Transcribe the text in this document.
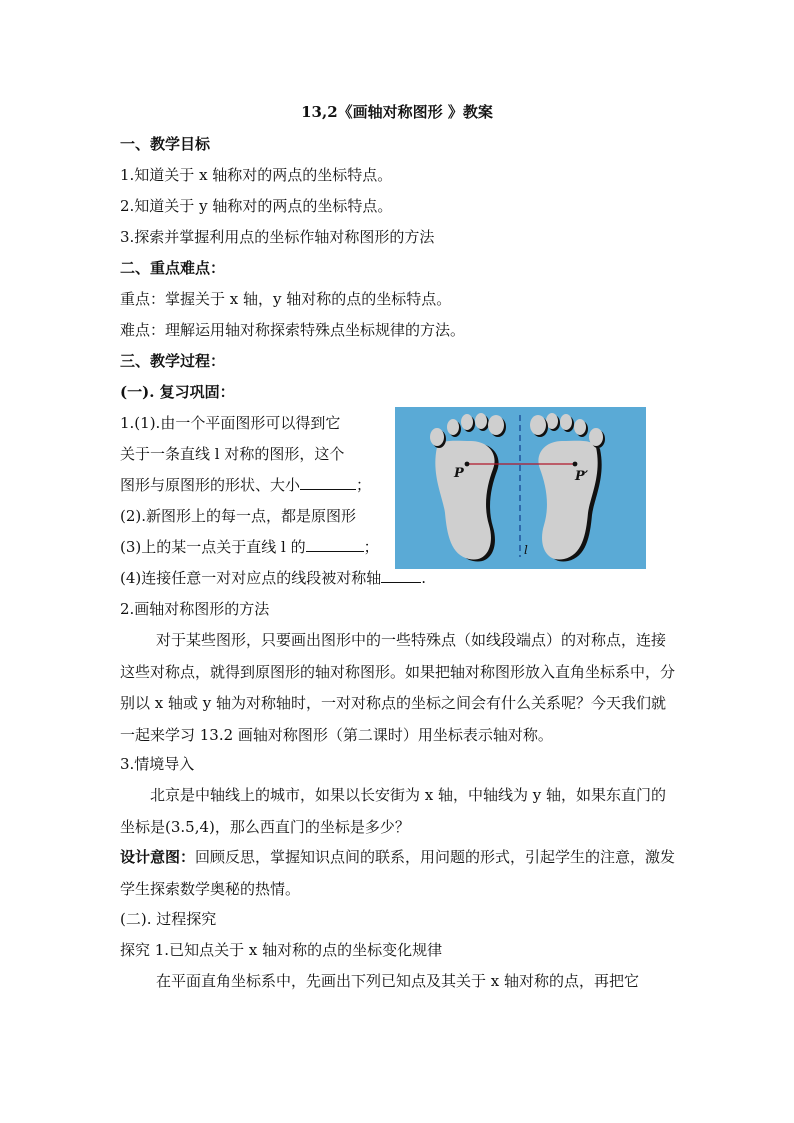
13,2《画轴对称图形 》教案
一、教学目标
1.知道关于 x 轴称对的两点的坐标特点。
2.知道关于 y 轴称对的两点的坐标特点。
3.探索并掌握利用点的坐标作轴对称图形的方法
二、重点难点：
重点：掌握关于 x 轴，y 轴对称的点的坐标特点。
难点：理解运用轴对称探索特殊点坐标规律的方法。
三、教学过程：
(一). 复习巩固：
1.(1).由一个平面图形可以得到它
关于一条直线 l 对称的图形，这个
图形与原图形的形状、大小	；
(2).新图形上的每一点，都是原图形
(3)上的某一点关于直线 l 的	；
(4)连接任意一对对应点的线段被对称轴	.
2.画轴对称图形的方法
对于某些图形，只要画出图形中的一些特殊点（如线段端点）的对称点，连接这些对称点，就得到原图形的轴对称图形。如果把轴对称图形放入直角坐标系中，分别以 x 轴或 y 轴为对称轴时，一对对称点的坐标之间会有什么关系呢？今天我们就一起来学习 13.2 画轴对称图形（第二课时）用坐标表示轴对称。
3.情境导入
北京是中轴线上的城市，如果以长安街为 x 轴，中轴线为 y 轴，如果东直门的坐标是(3.5,4)，那么西直门的坐标是多少？
设计意图：回顾反思，掌握知识点间的联系，用问题的形式，引起学生的注意，激发学生探索数学奥秘的热情。
(二). 过程探究
探究 1.已知点关于 x 轴对称的点的坐标变化规律
在平面直角坐标系中，先画出下列已知点及其关于 x 轴对称的点，再把它
l
P	P′
